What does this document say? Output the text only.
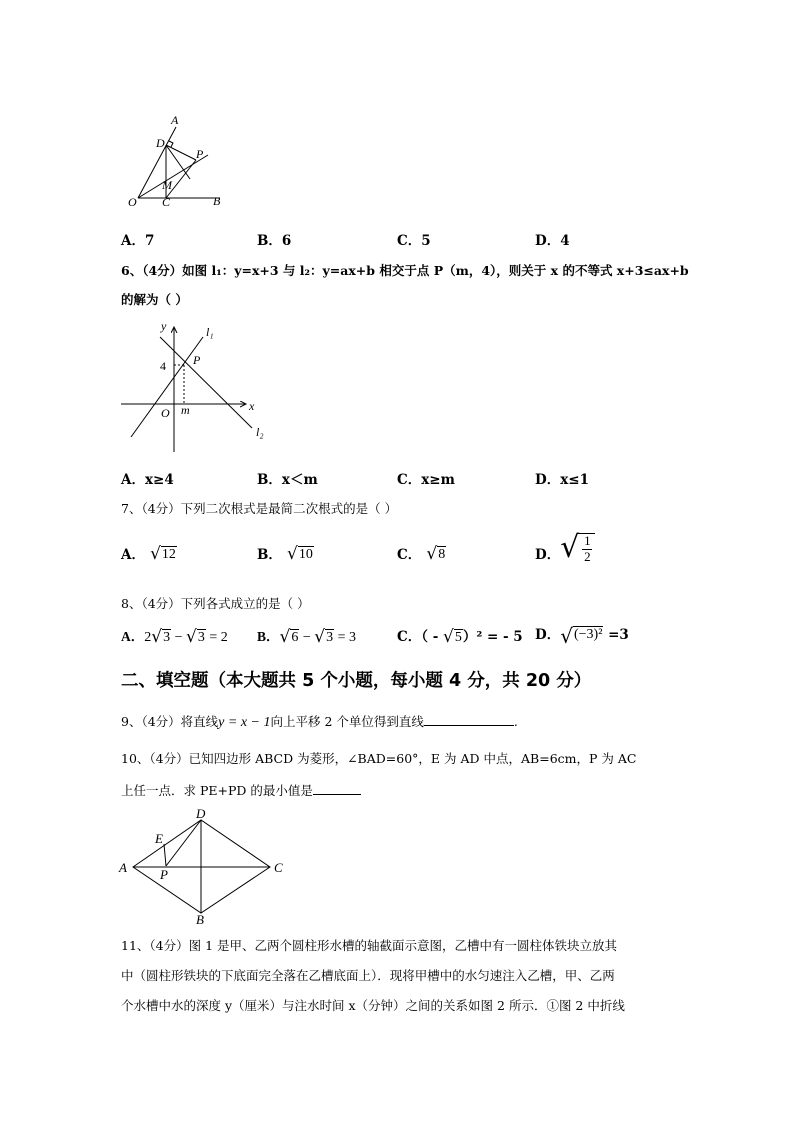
A
D
P
M
O C	B
A．7	B．6	C．5	D．4
6、（4分）如图 l₁：y=x+3 与 l₂：y=ax+b 相交于点 P（m，4），则关于 x 的不等式 x+3≤ax+b
的解为（ ）
y	l₁
P
4
x
O m
l₂
A．x≥4	B．x＜m	C．x≥m	D．x≤1
7、（4分）下列二次根式是最简二次根式的是（ ）
A． √ 12	B． √ 10	C． √ 8	D． √ 1
2
8、（4分）下列各式成立的是（ ）
A．2 √ 3 − √ 3 = 2 B． √ 6 − √ 3 = 3	C．（ - √ 5 ）² = - 5 D． √ (−3)² =3
二、填空题（本大题共 5 个小题，每小题 4 分，共 20 分）
9、（4分）将直线y = x − 1向上平移 2 个单位得到直线	.
10、（4分）已知四边形 ABCD 为菱形，∠BAD=60°，E 为 AD 中点，AB=6cm，P 为 AC
上任一点．求 PE+PD 的最小值是
D
E
A	P	C
B
11、（4分）图 1 是甲、乙两个圆柱形水槽的轴截面示意图，乙槽中有一圆柱体铁块立放其
中（圆柱形铁块的下底面完全落在乙槽底面上）．现将甲槽中的水匀速注入乙槽，甲、乙两
个水槽中水的深度 y（厘米）与注水时间 x（分钟）之间的关系如图 2 所示．①图 2 中折线
